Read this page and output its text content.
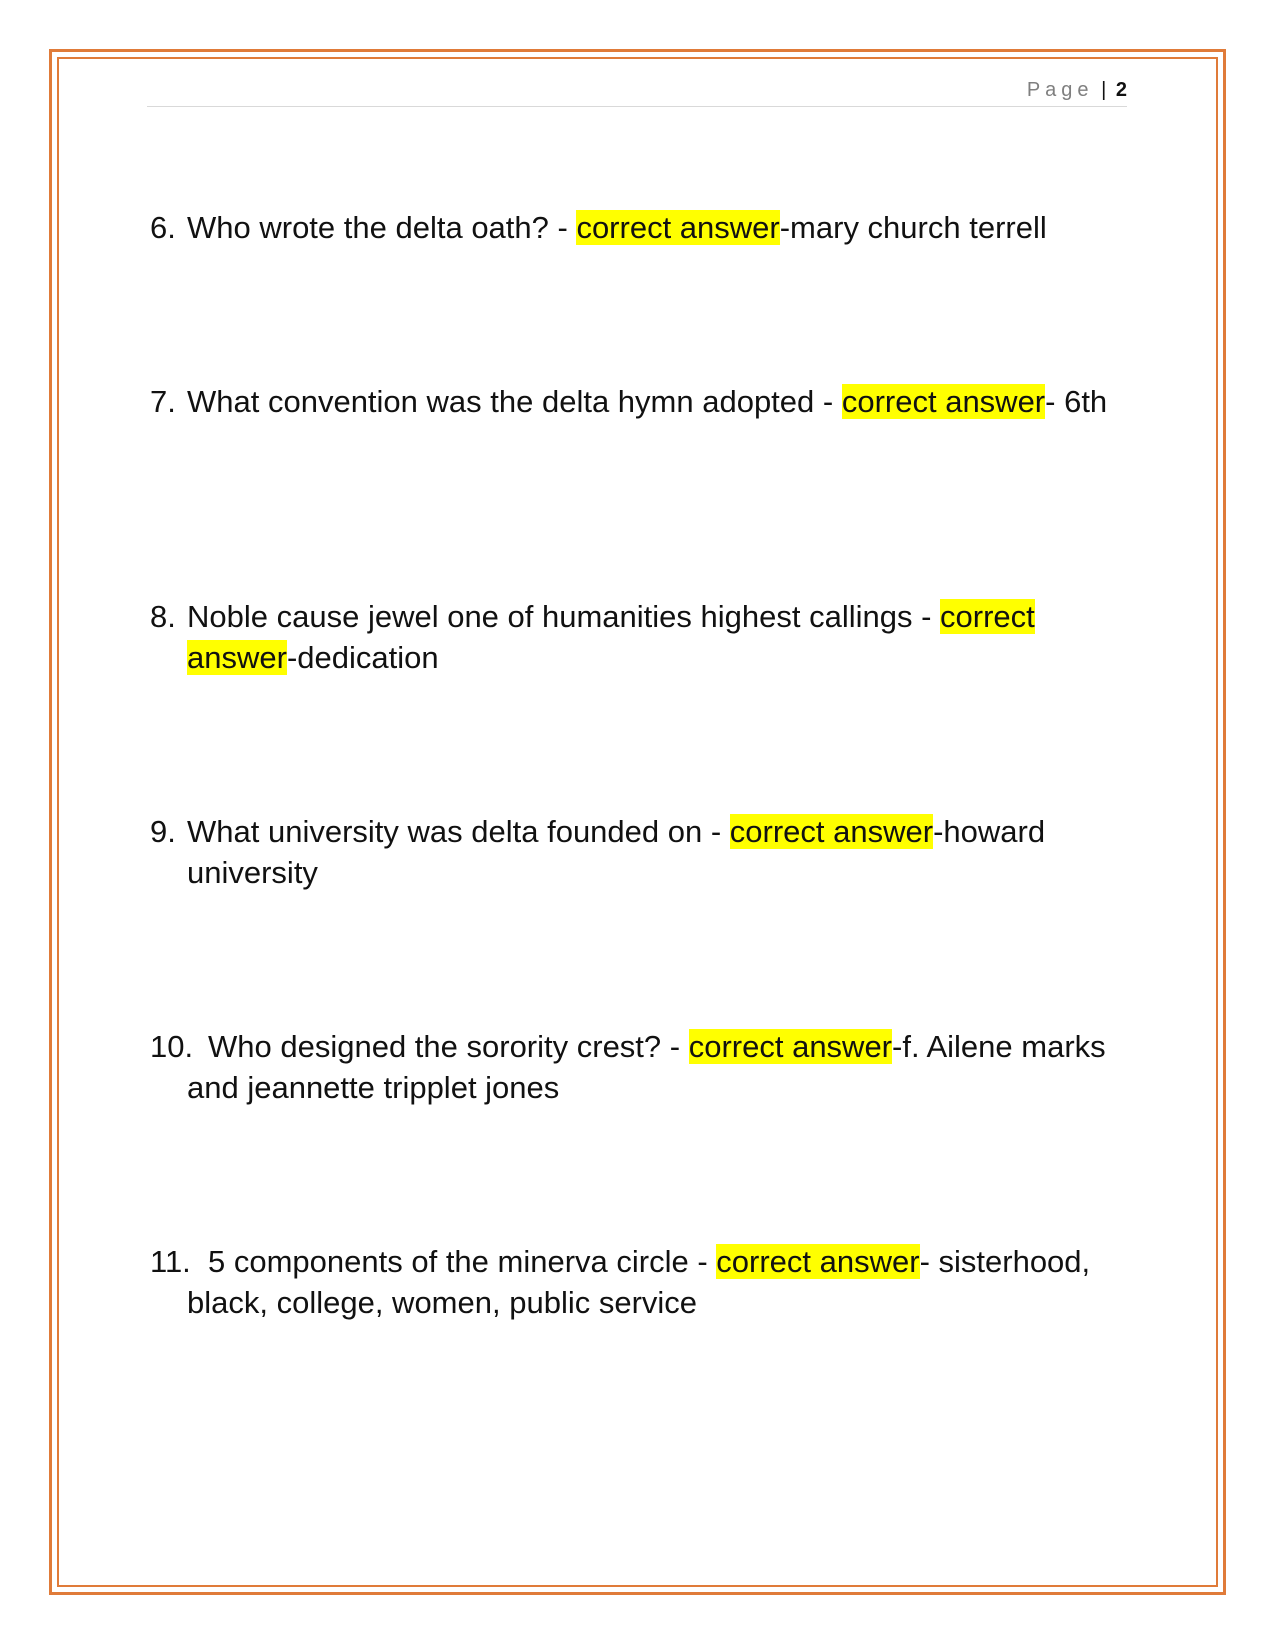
Page | 2
6. Who wrote the delta oath? - correct answer-mary church terrell
7. What convention was the delta hymn adopted - correct answer- 6th
8. Noble cause jewel one of humanities highest callings - correct answer-dedication
9. What university was delta founded on - correct answer-howard university
10. Who designed the sorority crest? - correct answer-f. Ailene marks and jeannette tripplet jones
11. 5 components of the minerva circle - correct answer- sisterhood, black, college, women, public service
